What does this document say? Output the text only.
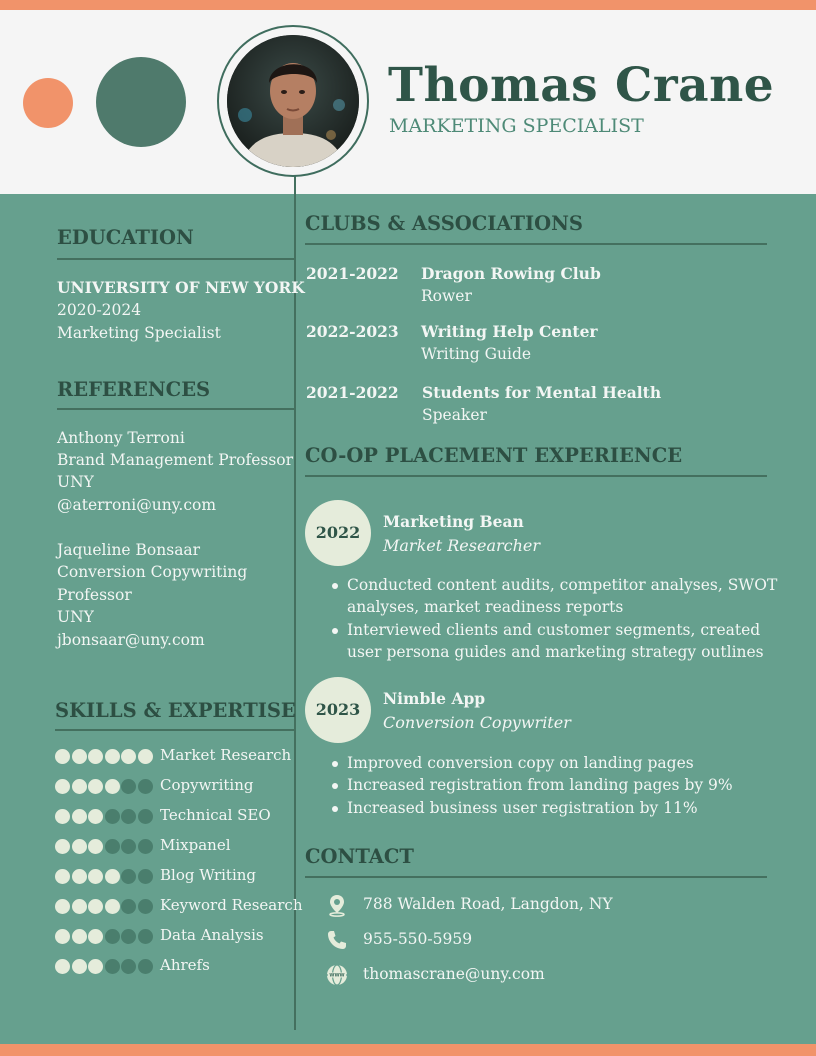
Thomas Crane
MARKETING SPECIALIST
EDUCATION
UNIVERSITY OF NEW YORK
2020-2024
Marketing Specialist
REFERENCES
Anthony Terroni
Brand Management Professor
UNY
@aterroni@uny.com
Jaqueline Bonsaar
Conversion Copywriting
Professor
UNY
jbonsaar@uny.com
SKILLS & EXPERTISE
Market Research
Copywriting
Technical SEO
Mixpanel
Blog Writing
Keyword Research
Data Analysis
Ahrefs
CLUBS & ASSOCIATIONS
2021-2022 Dragon Rowing Club
Rower
2022-2023 Writing Help Center
Writing Guide
2021-2022 Students for Mental Health
Speaker
CO-OP PLACEMENT EXPERIENCE
2022
Marketing Bean
Market Researcher
Conducted content audits, competitor analyses, SWOT
analyses, market readiness reports
Interviewed clients and customer segments, created
user persona guides and marketing strategy outlines
2023
Nimble App
Conversion Copywriter
Improved conversion copy on landing pages
Increased registration from landing pages by 9%
Increased business user registration by 11%
CONTACT
788 Walden Road, Langdon, NY
955-550-5959
WWW thomascrane@uny.com
